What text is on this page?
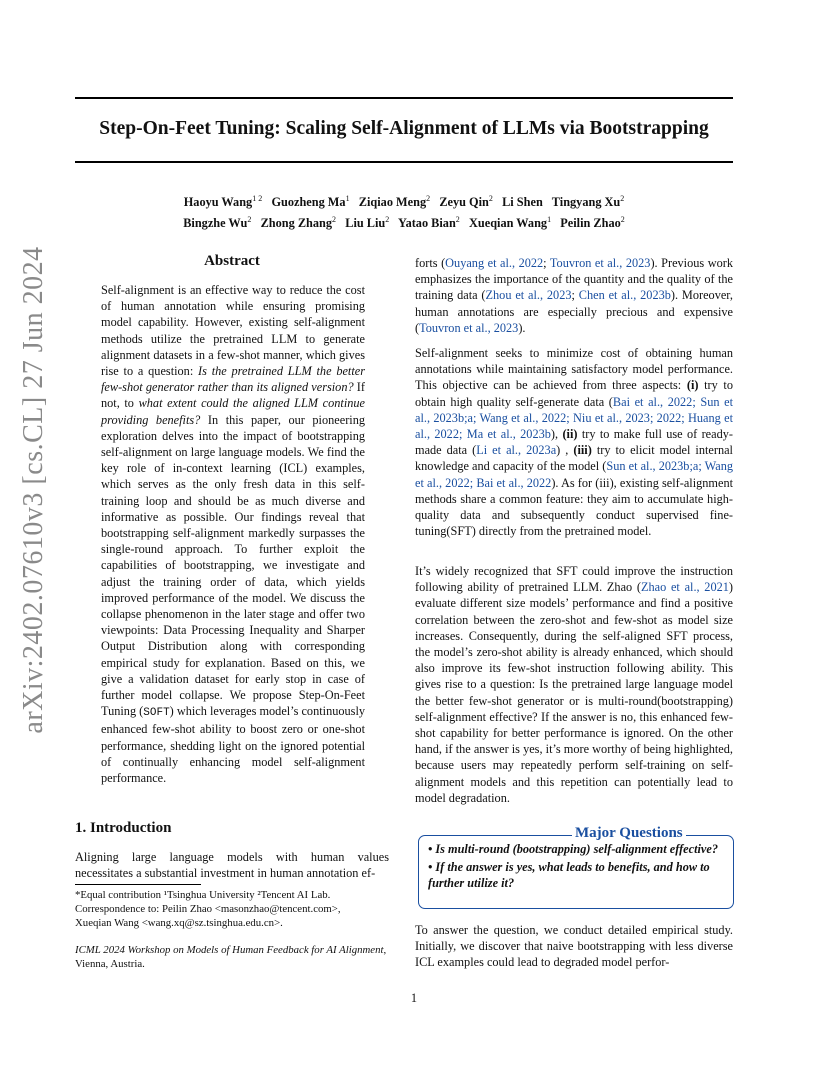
arXiv:2402.07610v3 [cs.CL] 27 Jun 2024
Step-On-Feet Tuning: Scaling Self-Alignment of LLMs via Bootstrapping
Haoyu Wang$^{1 2}$ Guozheng Ma$^1$ Ziqiao Meng$^2$ Zeyu Qin$^2$ Li Shen Tingyang Xu$^2$
Bingzhe Wu$^2$ Zhong Zhang$^2$ Liu Liu$^2$ Yatao Bian$^2$ Xueqian Wang$^1$ Peilin Zhao$^2$
Abstract
Self-alignment is an effective way to reduce the cost of human annotation while ensuring promising model capability. However, existing self-alignment methods utilize the pretrained LLM to generate alignment datasets in a few-shot manner, which gives rise to a question: Is the pretrained LLM the better few-shot generator rather than its aligned version? If not, to what extent could the aligned LLM continue providing benefits? In this paper, our pioneering exploration delves into the impact of bootstrapping self-alignment on large language models. We find the key role of in-context learning (ICL) examples, which serves as the only fresh data in this self-training loop and should be as much diverse and informative as possible. Our findings reveal that bootstrapping self-alignment markedly surpasses the single-round approach. To further exploit the capabilities of bootstrapping, we investigate and adjust the training order of data, which yields improved performance of the model. We discuss the collapse phenomenon in the later stage and offer two viewpoints: Data Processing Inequality and Sharper Output Distribution along with corresponding empirical study for explanation. Based on this, we give a validation dataset for early stop in case of further model collapse. We propose Step-On-Feet Tuning (SOFT) which leverages model’s continuously enhanced few-shot ability to boost zero or one-shot performance, shedding light on the ignored potential of continually enhancing model self-alignment performance.
1. Introduction
Aligning large language models with human values necessitates a substantial investment in human annotation ef-

*Equal contribution ¹Tsinghua University ²Tencent AI Lab.

Correspondence to: Peilin Zhao <masonzhao@tencent.com>,

Xueqian Wang <wang.xq@sz.tsinghua.edu.cn>.

ICML 2024 Workshop on Models of Human Feedback for AI Alignment, Vienna, Austria.

forts (Ouyang et al., 2022; Touvron et al., 2023). Previous work emphasizes the importance of the quantity and the quality of the training data (Zhou et al., 2023; Chen et al., 2023b). Moreover, human annotations are especially precious and expensive (Touvron et al., 2023).

Self-alignment seeks to minimize cost of obtaining human annotations while maintaining satisfactory model performance. This objective can be achieved from three aspects: (i) try to obtain high quality self-generate data (Bai et al., 2022; Sun et al., 2023b;a; Wang et al., 2022; Niu et al., 2023; 2022; Huang et al., 2022; Ma et al., 2023b), (ii) try to make full use of ready-made data (Li et al., 2023a) , (iii) try to elicit model internal knowledge and capacity of the model (Sun et al., 2023b;a; Wang et al., 2022; Bai et al., 2022). As for (iii), existing self-alignment methods share a common feature: they aim to accumulate high-quality data and subsequently conduct supervised fine-tuning(SFT) directly from the pretrained model.

It’s widely recognized that SFT could improve the instruction following ability of pretrained LLM. Zhao (Zhao et al., 2021) evaluate different size models’ performance and find a positive correlation between the zero-shot and few-shot as model size increases. Consequently, during the self-aligned SFT process, the model’s zero-shot ability is already enhanced, which should also improve its few-shot instruction following ability. This gives rise to a question: Is the pretrained large language model the better few-shot generator or is multi-round(bootstrapping) self-alignment effective? If the answer is no, this enhanced few-shot capability for better performance is ignored. On the other hand, if the answer is yes, it’s more worthy of being highlighted, because users may repeatedly perform self-training on self-alignment models and this repetition can potentially lead to model degradation.

Major Questions

• Is multi-round (bootstrapping) self-alignment effective?

• If the answer is yes, what leads to benefits, and how to further utilize it?

To answer the question, we conduct detailed empirical study. Initially, we discover that naive bootstrapping with less diverse ICL examples could lead to degraded model perfor-
1
